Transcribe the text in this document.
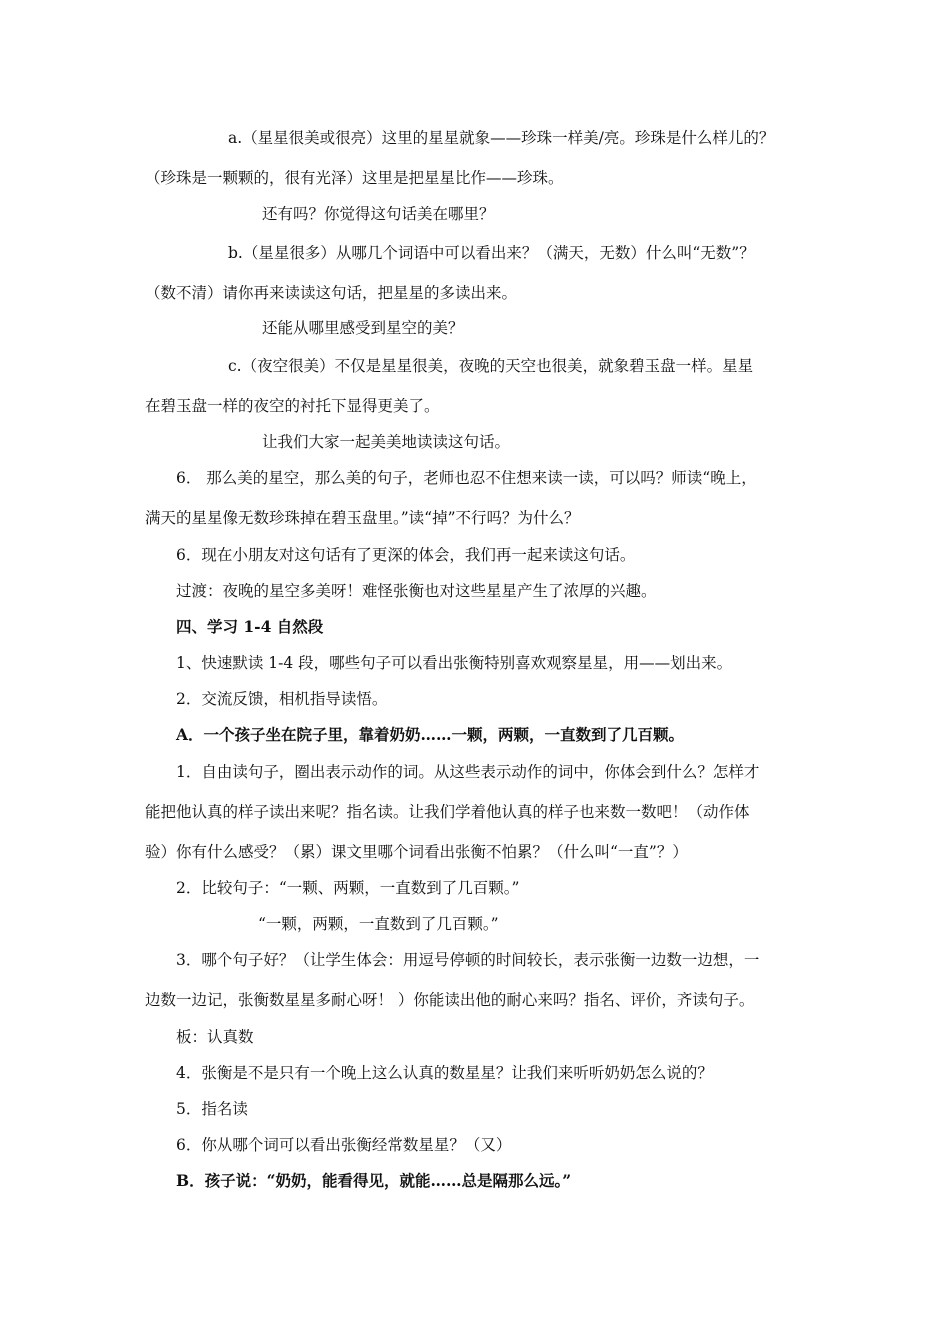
a.（星星很美或很亮）这里的星星就象——珍珠一样美/亮。珍珠是什么样儿的？
（珍珠是一颗颗的，很有光泽）这里是把星星比作——珍珠。
还有吗？你觉得这句话美在哪里？
b.（星星很多）从哪几个词语中可以看出来？（满天，无数）什么叫“无数”？
（数不清）请你再来读读这句话，把星星的多读出来。
还能从哪里感受到星空的美？
c.（夜空很美）不仅是星星很美，夜晚的天空也很美，就象碧玉盘一样。星星
在碧玉盘一样的夜空的衬托下显得更美了。
让我们大家一起美美地读读这句话。
6． 那么美的星空，那么美的句子，老师也忍不住想来读一读，可以吗？师读“晚上，
满天的星星像无数珍珠掉在碧玉盘里。”读“掉”不行吗？为什么？
6．现在小朋友对这句话有了更深的体会，我们再一起来读这句话。
过渡：夜晚的星空多美呀！难怪张衡也对这些星星产生了浓厚的兴趣。
四、学习 1-4 自然段
1、快速默读 1-4 段，哪些句子可以看出张衡特别喜欢观察星星，用——划出来。
2．交流反馈，相机指导读悟。
A．一个孩子坐在院子里，靠着奶奶……一颗，两颗，一直数到了几百颗。
1．自由读句子，圈出表示动作的词。从这些表示动作的词中，你体会到什么？怎样才
能把他认真的样子读出来呢？指名读。让我们学着他认真的样子也来数一数吧！（动作体
验）你有什么感受？（累）课文里哪个词看出张衡不怕累？（什么叫“一直”？）
2．比较句子：“一颗、两颗，一直数到了几百颗。”
“一颗，两颗，一直数到了几百颗。”
3．哪个句子好？（让学生体会：用逗号停顿的时间较长，表示张衡一边数一边想，一
边数一边记，张衡数星星多耐心呀！ ）你能读出他的耐心来吗？指名、评价，齐读句子。
板：认真数
4．张衡是不是只有一个晚上这么认真的数星星？让我们来听听奶奶怎么说的？
5．指名读
6．你从哪个词可以看出张衡经常数星星？（又）
B．孩子说：“奶奶，能看得见，就能……总是隔那么远。”
